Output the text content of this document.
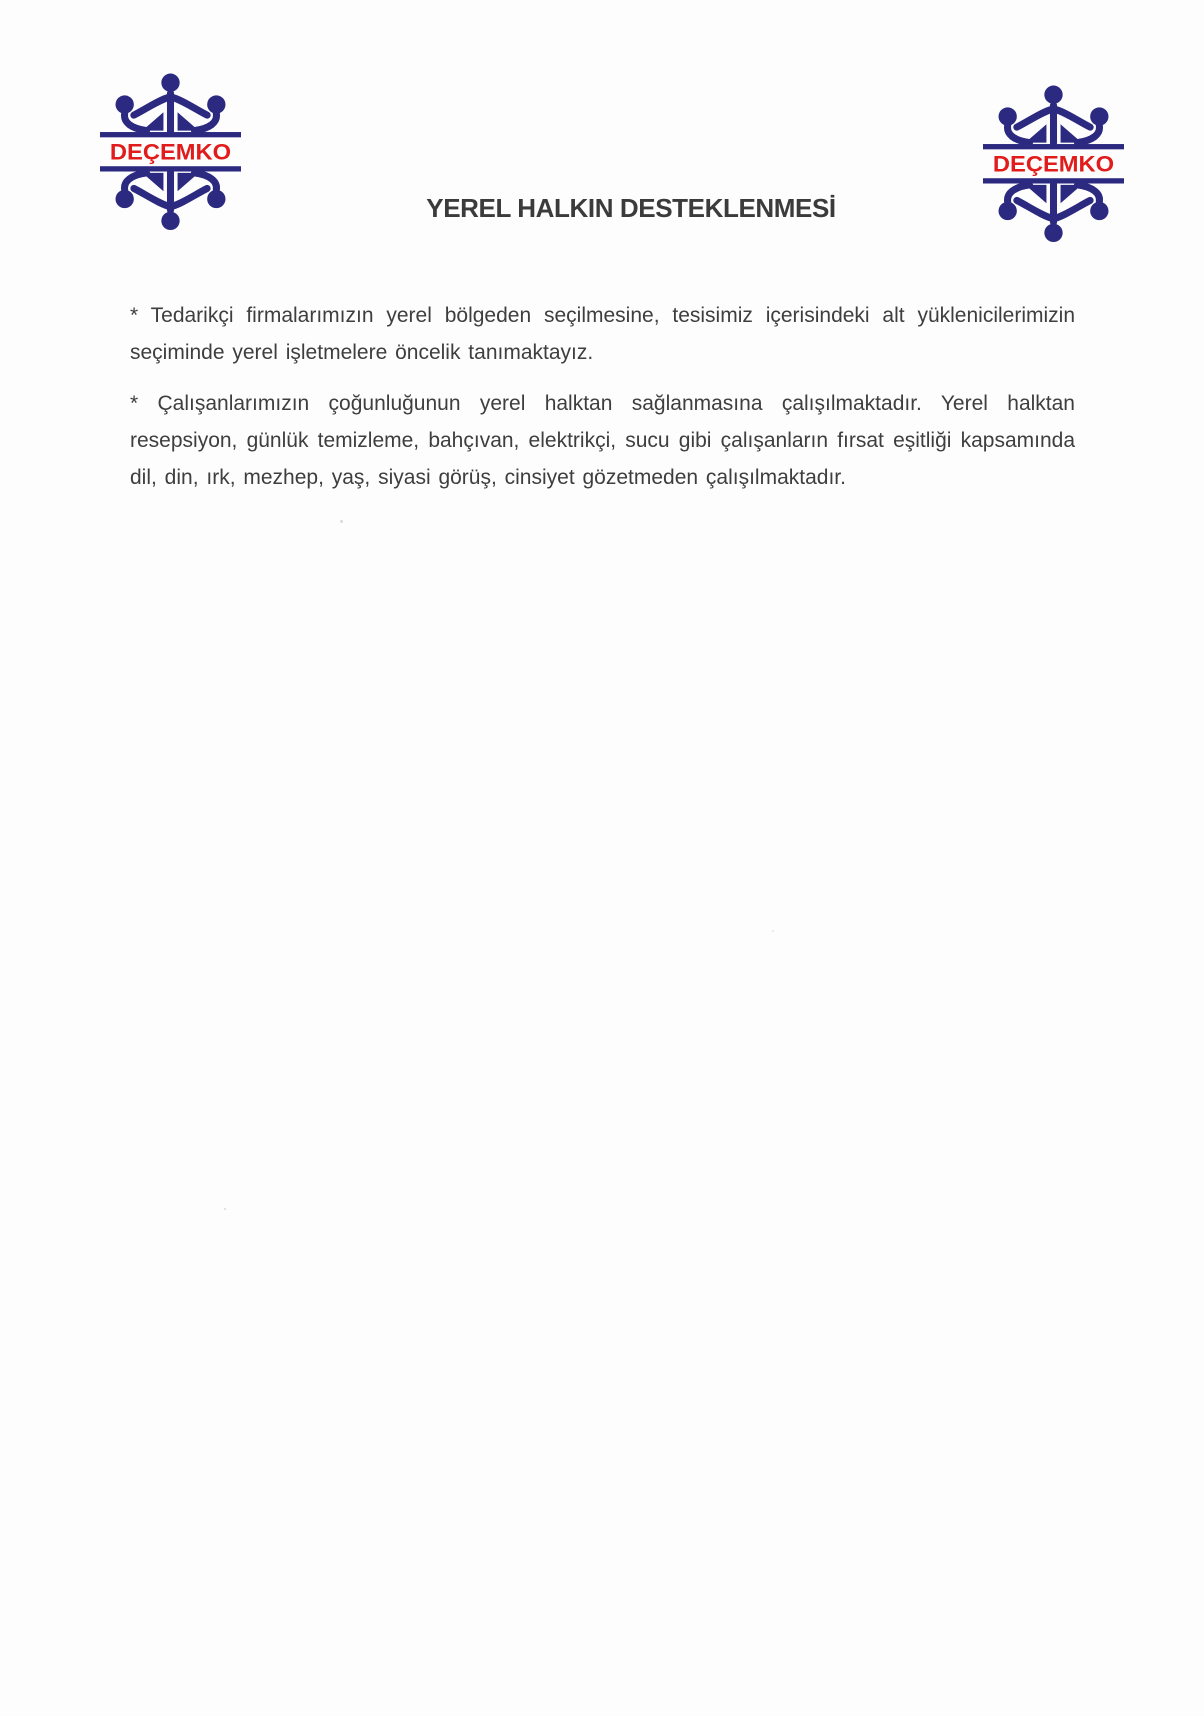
DEÇEMKO	DEÇEMKO
YEREL HALKIN DESTEKLENMESİ

* Tedarikçi firmalarımızın yerel bölgeden seçilmesine, tesisimiz içerisindeki alt yüklenicilerimizin seçiminde yerel işletmelere öncelik tanımaktayız.

* Çalışanlarımızın çoğunluğunun yerel halktan sağlanmasına çalışılmaktadır. Yerel halktan resepsiyon, günlük temizleme, bahçıvan, elektrikçi, sucu gibi çalışanların fırsat eşitliği kapsamında dil, din, ırk, mezhep, yaş, siyasi görüş, cinsiyet gözetmeden çalışılmaktadır.
